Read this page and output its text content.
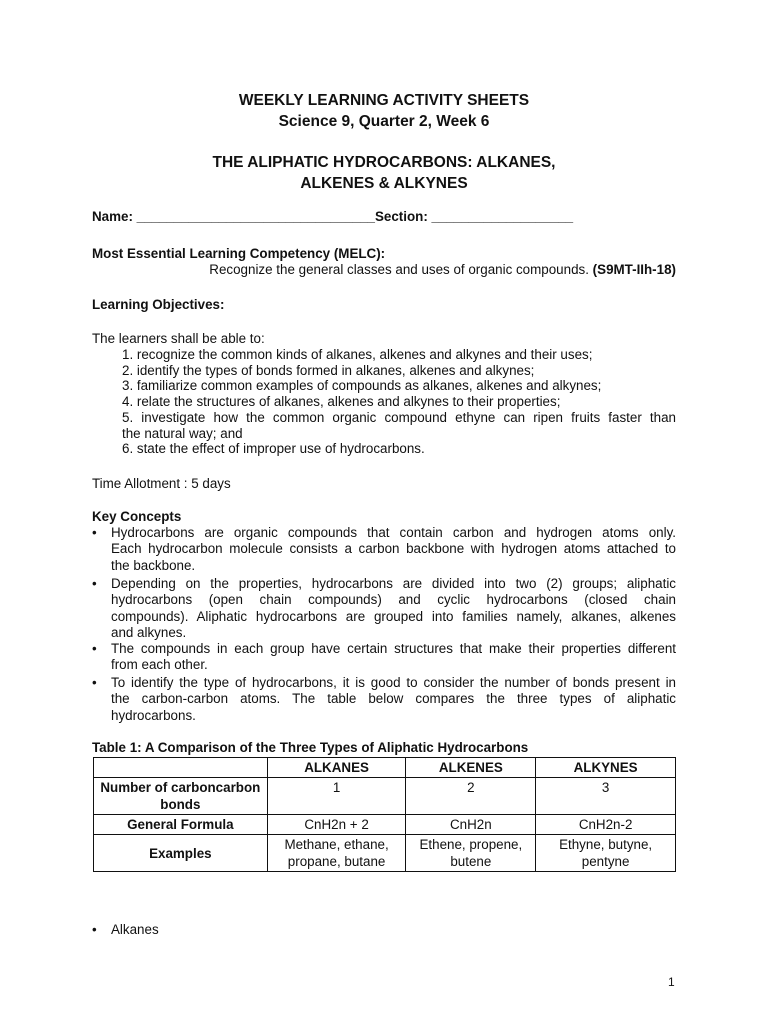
WEEKLY LEARNING ACTIVITY SHEETS
Science 9, Quarter 2, Week 6
THE ALIPHATIC HYDROCARBONS: ALKANES,
ALKENES & ALKYNES
Name: ________________________________Section: ___________________
Most Essential Learning Competency (MELC):
Recognize the general classes and uses of organic compounds. (S9MT-IIh-18)
Learning Objectives:
The learners shall be able to:
1. recognize the common kinds of alkanes, alkenes and alkynes and their uses;
2. identify the types of bonds formed in alkanes, alkenes and alkynes;
3. familiarize common examples of compounds as alkanes, alkenes and alkynes;
4. relate the structures of alkanes, alkenes and alkynes to their properties;
5. investigate how the common organic compound ethyne can ripen fruits faster than
the natural way; and
6. state the effect of improper use of hydrocarbons.
Time Allotment : 5 days
Key Concepts
•	Hydrocarbons are organic compounds that contain carbon and hydrogen atoms only.
Each hydrocarbon molecule consists a carbon backbone with hydrogen atoms attached to
the backbone.
•	Depending on the properties, hydrocarbons are divided into two (2) groups; aliphatic
hydrocarbons (open chain compounds) and cyclic hydrocarbons (closed chain
compounds). Aliphatic hydrocarbons are grouped into families namely, alkanes, alkenes
and alkynes.
•	The compounds in each group have certain structures that make their properties different
from each other.
•	To identify the type of hydrocarbons, it is good to consider the number of bonds present in
the carbon-carbon atoms. The table below compares the three types of aliphatic
hydrocarbons.
Table 1: A Comparison of the Three Types of Aliphatic Hydrocarbons
	ALKANES	ALKENES	ALKYNES
Number of carboncarbon bonds	1	2	3
General Formula	CnH2n + 2	CnH2n	CnH2n-2
Examples	Methane, ethane, propane, butane	Ethene, propene, butene	Ethyne, butyne, pentyne
•	Alkanes
1
